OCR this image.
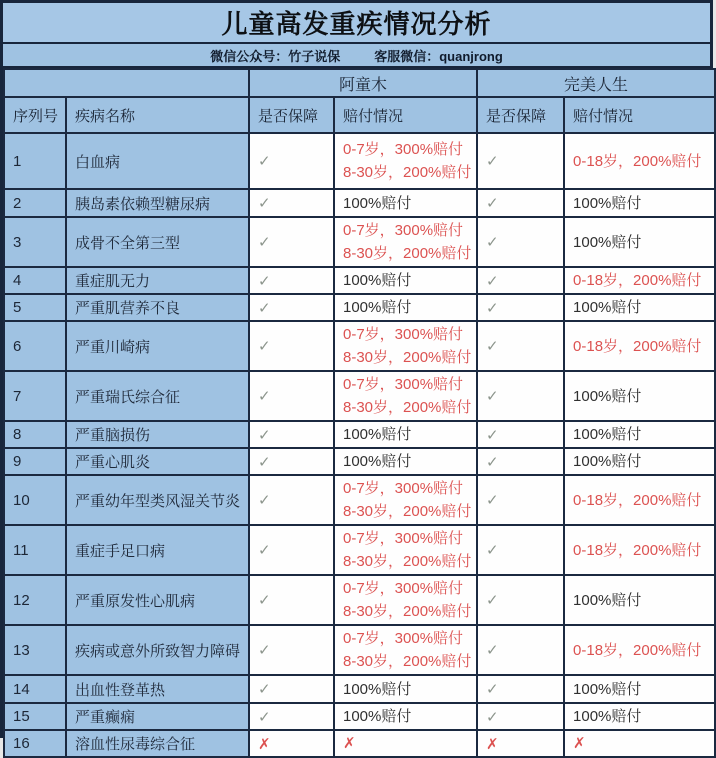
儿童高发重疾情况分析
微信公众号：竹子说保	客服微信：quanjrong
		阿童木		完美人生	
序列号	疾病名称	是否保障	赔付情况	是否保障	赔付情况
1	白血病	✓	0-7岁，300%赔付
8-30岁，200%赔付	✓	0-18岁，200%赔付

2	胰岛素依赖型糖尿病	✓	100%赔付	✓	100%赔付

3	成骨不全第三型	✓	0-7岁，300%赔付
8-30岁，200%赔付	✓	100%赔付

4	重症肌无力	✓	100%赔付	✓	0-18岁，200%赔付

5	严重肌营养不良	✓	100%赔付	✓	100%赔付

6	严重川崎病	✓	0-7岁，300%赔付
8-30岁，200%赔付	✓	0-18岁，200%赔付

7	严重瑞氏综合征	✓	0-7岁，300%赔付
8-30岁，200%赔付	✓	100%赔付

8	严重脑损伤	✓	100%赔付	✓	100%赔付

9	严重心肌炎	✓	100%赔付	✓	100%赔付

10	严重幼年型类风湿关节炎	✓	0-7岁，300%赔付
8-30岁，200%赔付	✓	0-18岁，200%赔付

11	重症手足口病	✓	0-7岁，300%赔付
8-30岁，200%赔付	✓	0-18岁，200%赔付

12	严重原发性心肌病	✓	0-7岁，300%赔付
8-30岁，200%赔付	✓	100%赔付

13	疾病或意外所致智力障碍	✓	0-7岁，300%赔付
8-30岁，200%赔付	✓	0-18岁，200%赔付

14	出血性登革热	✓	100%赔付	✓	100%赔付

15	严重癫痫	✓	100%赔付	✓	100%赔付

16	溶血性尿毒综合征	✗	✗	✗	✗
